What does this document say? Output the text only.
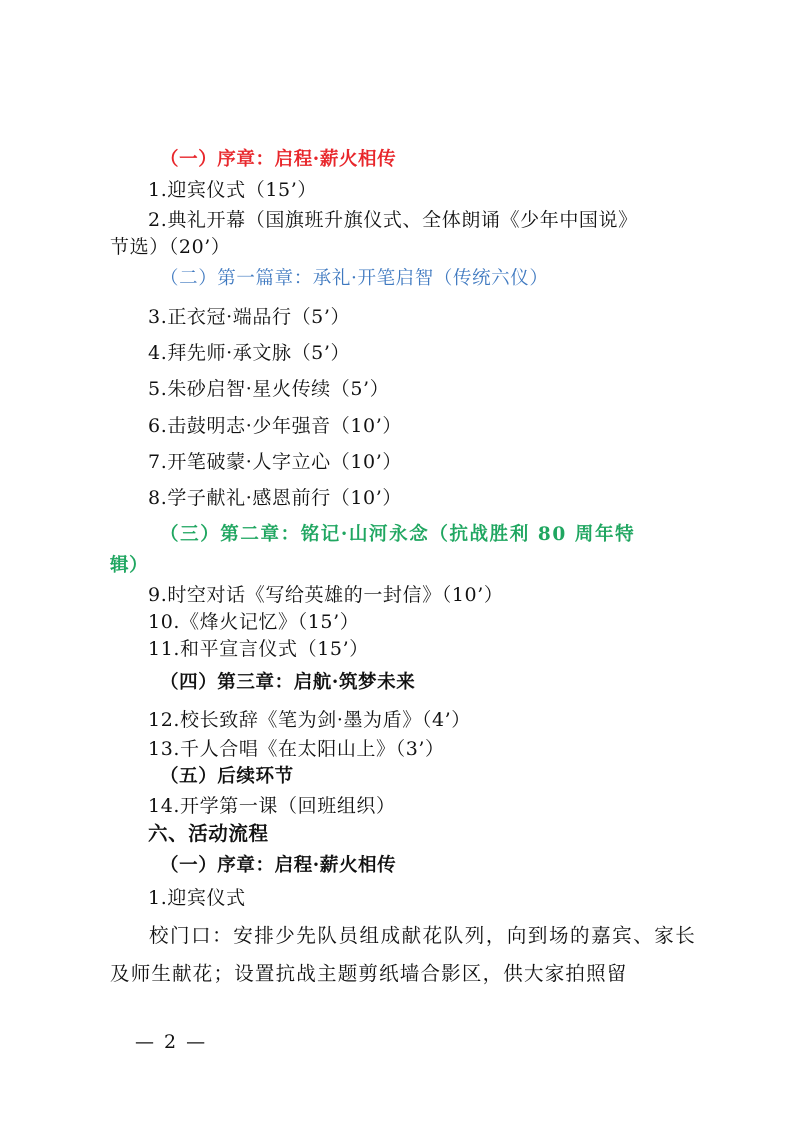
（一）序章：启程·薪火相传
1.迎宾仪式（15’）
2.典礼开幕（国旗班升旗仪式、全体朗诵《少年中国说》
节选）（20’）
（二）第一篇章：承礼·开笔启智（传统六仪）
3.正衣冠·端品行（5’）
4.拜先师·承文脉（5’）
5.朱砂启智·星火传续（5’）
6.击鼓明志·少年强音（10’）
7.开笔破蒙·人字立心（10’）
8.学子献礼·感恩前行（10’）
（三）第二章：铭记·山河永念（抗战胜利 80 周年特
辑）
9.时空对话《写给英雄的一封信》（10’）
10.《烽火记忆》（15’）
11.和平宣言仪式（15’）
（四）第三章：启航·筑梦未来
12.校长致辞《笔为剑·墨为盾》（4’）
13.千人合唱《在太阳山上》（3’）
（五）后续环节
14.开学第一课（回班组织）
六、活动流程
（一）序章：启程·薪火相传
1.迎宾仪式
校门口：安排少先队员组成献花队列，向到场的嘉宾、家长及师生献花；设置抗战主题剪纸墙合影区，供大家拍照留
— 2 —
